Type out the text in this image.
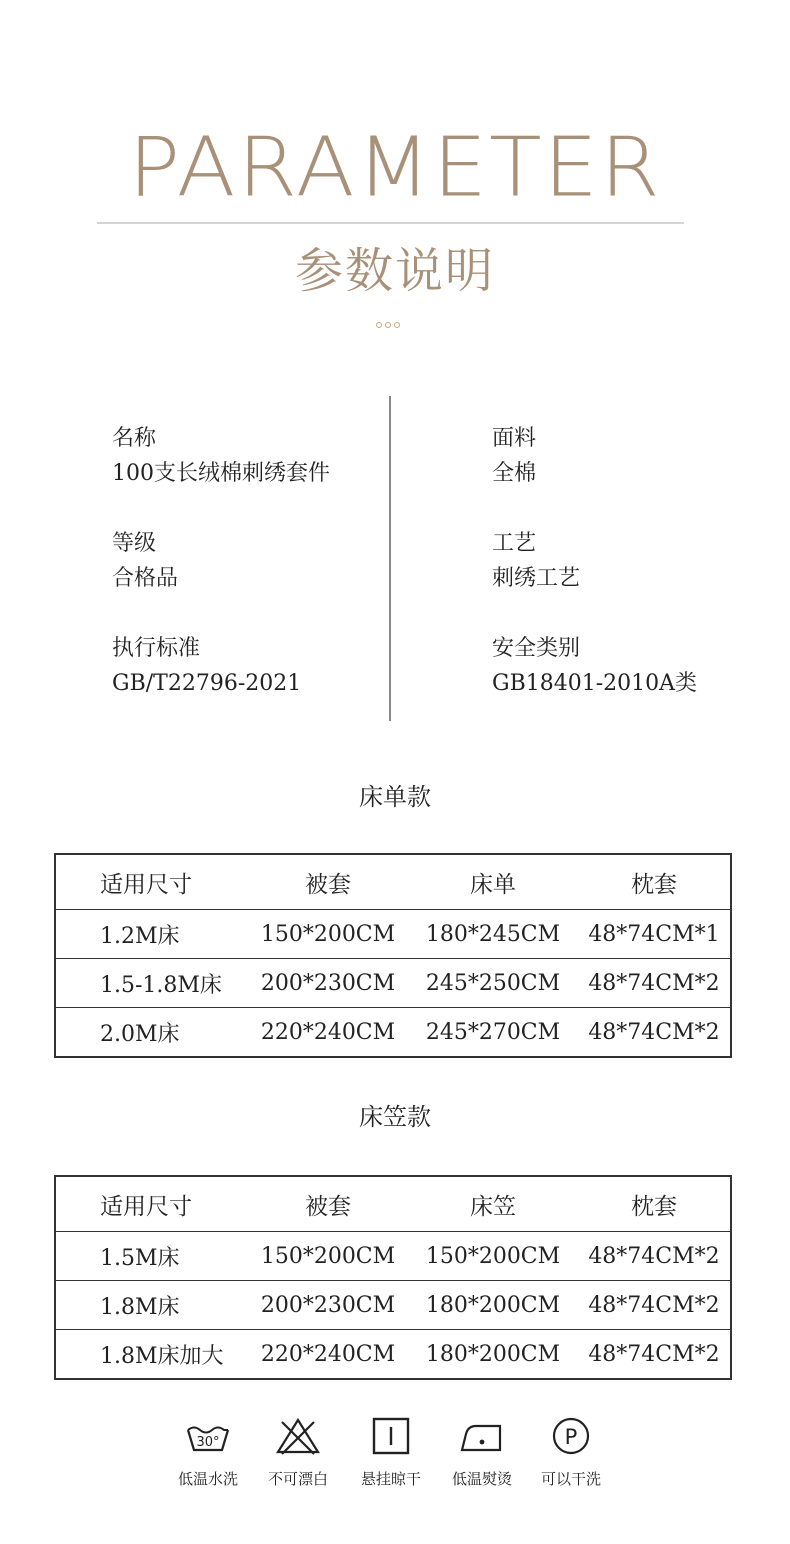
PARAMETER
参数说明
名称
100支长绒棉刺绣套件
面料
全棉
等级
合格品
工艺
刺绣工艺
执行标准
GB/T22796-2021
安全类别
GB18401-2010A类
床单款
适用尺寸	被套	床单	枕套
1.2M床	150*200CM	180*245CM	48*74CM*1
1.5-1.8M床	200*230CM	245*250CM	48*74CM*2
2.0M床	220*240CM	245*270CM	48*74CM*2
床笠款
适用尺寸	被套	床笠	枕套
1.5M床	150*200CM	150*200CM	48*74CM*2
1.8M床	200*230CM	180*200CM	48*74CM*2
1.8M床加大	220*240CM	180*200CM	48*74CM*2
30°
低温水洗	不可漂白	悬挂晾干	低温熨烫
P
可以干洗
